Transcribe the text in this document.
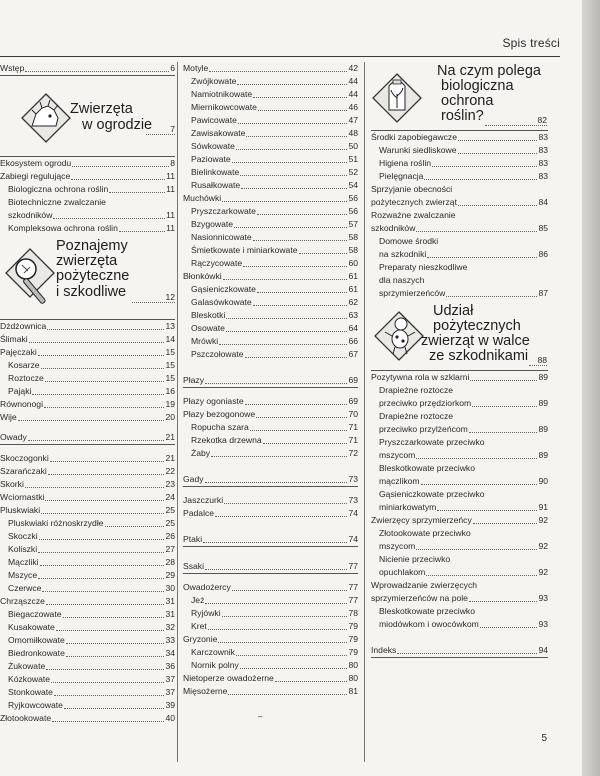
Spis treści
Wstęp	6
Zwierzęta
w ogrodzie	7
Ekosystem ogrodu	8
Zabiegi regulujące	11
Biologiczna ochrona roślin	11
Biotechniczne zwalczanie
szkodników	11
Kompleksowa ochrona roślin	11
Poznajemy
zwierzęta
pożyteczne
i szkodliwe	12
Dżdżownica	13
Ślimaki	14
Pajęczaki	15
Kosarze	15
Roztocze	15
Pająki	16
Równonogi	19
Wije	20
Owady	21
Skoczogonki	21
Szarańczaki	22
Skorki	23
Wciornastki	24
Pluskwiaki	25
Pluskwiaki różnoskrzydłe	25
Skoczki	26
Koliszki	27
Mączliki	28
Mszyce	29
Czerwce	30
Chrząszcze	31
Biegaczowate	31
Kusakowate	32
Omomiłkowate	33
Biedronkowate	34
Żukowate	36
Kózkowate	37
Stonkowate	37
Ryjkowcowate	39
Złotookowate	40
Motyle	42
Zwójkowate	44
Namiotnikowate	44
Miernikowcowate	46
Pawicowate	47
Zawisakowate	48
Sówkowate	50
Paziowate	51
Bielinkowate	52
Rusałkowate	54
Muchówki	56
Pryszczarkowate	56
Bzygowate	57
Nasionnicowate	58
Śmietkowate i miniarkowate	58
Rączycowate	60
Błonkówki	61
Gąsieniczkowate	61
Galasówkowate	62
Bleskotki	63
Osowate	64
Mrówki	66
Pszczołowate	67
Płazy	69
Płazy ogoniaste	69
Płazy bezogonowe	70
Ropucha szara	71
Rzekotka drzewna	71
Żaby	72
Gady	73
Jaszczurki	73
Padalce	74
Ptaki	74
Ssaki	77
Owadożercy	77
Jeż	77
Ryjówki	78
Kret	79
Gryzonie	79
Karczownik	79
Nornik polny	80
Nietoperze owadożerne	80
Mięsożerne	81
–
Na czym polega
biologiczna
ochrona
roślin?	82
Środki zapobiegawcze	83
Warunki siedliskowe	83
Higiena roślin	83
Pielęgnacja	83
Sprzyjanie obecności
pożytecznych zwierząt	84
Rozważne zwalczanie
szkodników	85
Domowe środki
na szkodniki	86
Preparaty nieszkodliwe
dla naszych
sprzymierzeńców	87
Udział
pożytecznych
zwierząt w walce
ze szkodnikami	88
Pozytywna rola w szklarni	89
Drapieżne roztocze
przeciwko przędziorkom	89
Drapieżne roztocze
przeciwko przylżeńcom	89
Pryszczarkowate przeciwko
mszycom	89
Bleskotkowate przeciwko
mączlikom	90
Gąsieniczkowate przeciwko
miniarkowatym	91
Zwierzęcy sprzymierzeńcy	92
Złotookowate przeciwko
mszycom	92
Nicienie przeciwko
opuchlakom	92
Wprowadzanie zwierzęcych
sprzymierzeńców na pole	93
Bleskotkowate przeciwko
miodówkom i owocówkom	93
Indeks	94
5
